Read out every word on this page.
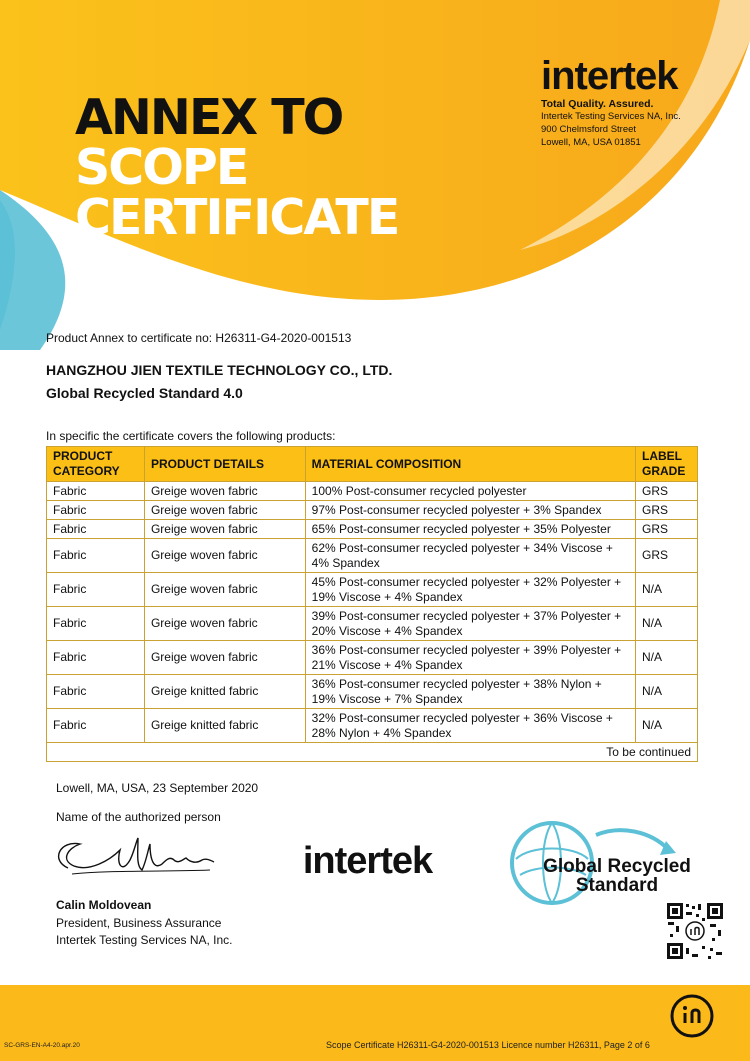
ANNEX TO
SCOPE
CERTIFICATE
intertek
Total Quality. Assured.
Intertek Testing Services NA, Inc.
900 Chelmsford Street
Lowell, MA, USA 01851
Product Annex to certificate no: H26311-G4-2020-001513
HANGZHOU JIEN TEXTILE TECHNOLOGY CO., LTD.
Global Recycled Standard 4.0
In specific the certificate covers the following products:
PRODUCT CATEGORY	PRODUCT DETAILS	MATERIAL COMPOSITION	LABEL GRADE
Fabric	Greige woven fabric	100% Post-consumer recycled polyester	GRS
Fabric	Greige woven fabric	97% Post-consumer recycled polyester + 3% Spandex	GRS
Fabric	Greige woven fabric	65% Post-consumer recycled polyester + 35% Polyester	GRS
Fabric	Greige woven fabric	62% Post-consumer recycled polyester + 34% Viscose + 4% Spandex	GRS
Fabric	Greige woven fabric	45% Post-consumer recycled polyester + 32% Polyester + 19% Viscose + 4% Spandex	N/A
Fabric	Greige woven fabric	39% Post-consumer recycled polyester + 37% Polyester + 20% Viscose + 4% Spandex	N/A
Fabric	Greige woven fabric	36% Post-consumer recycled polyester + 39% Polyester + 21% Viscose + 4% Spandex	N/A
Fabric	Greige knitted fabric	36% Post-consumer recycled polyester + 38% Nylon + 19% Viscose + 7% Spandex	N/A
Fabric	Greige knitted fabric	32% Post-consumer recycled polyester + 36% Viscose + 28% Nylon + 4% Spandex	N/A
To be continued			
Lowell, MA, USA, 23 September 2020
Name of the authorized person
Calin Moldovean
President, Business Assurance
Intertek Testing Services NA, Inc.
intertek	Global Recycled
Standard
SC-GRS-EN-A4-20.apr.20	Scope Certificate H26311-G4-2020-001513 Licence number H26311, Page 2 of 6
